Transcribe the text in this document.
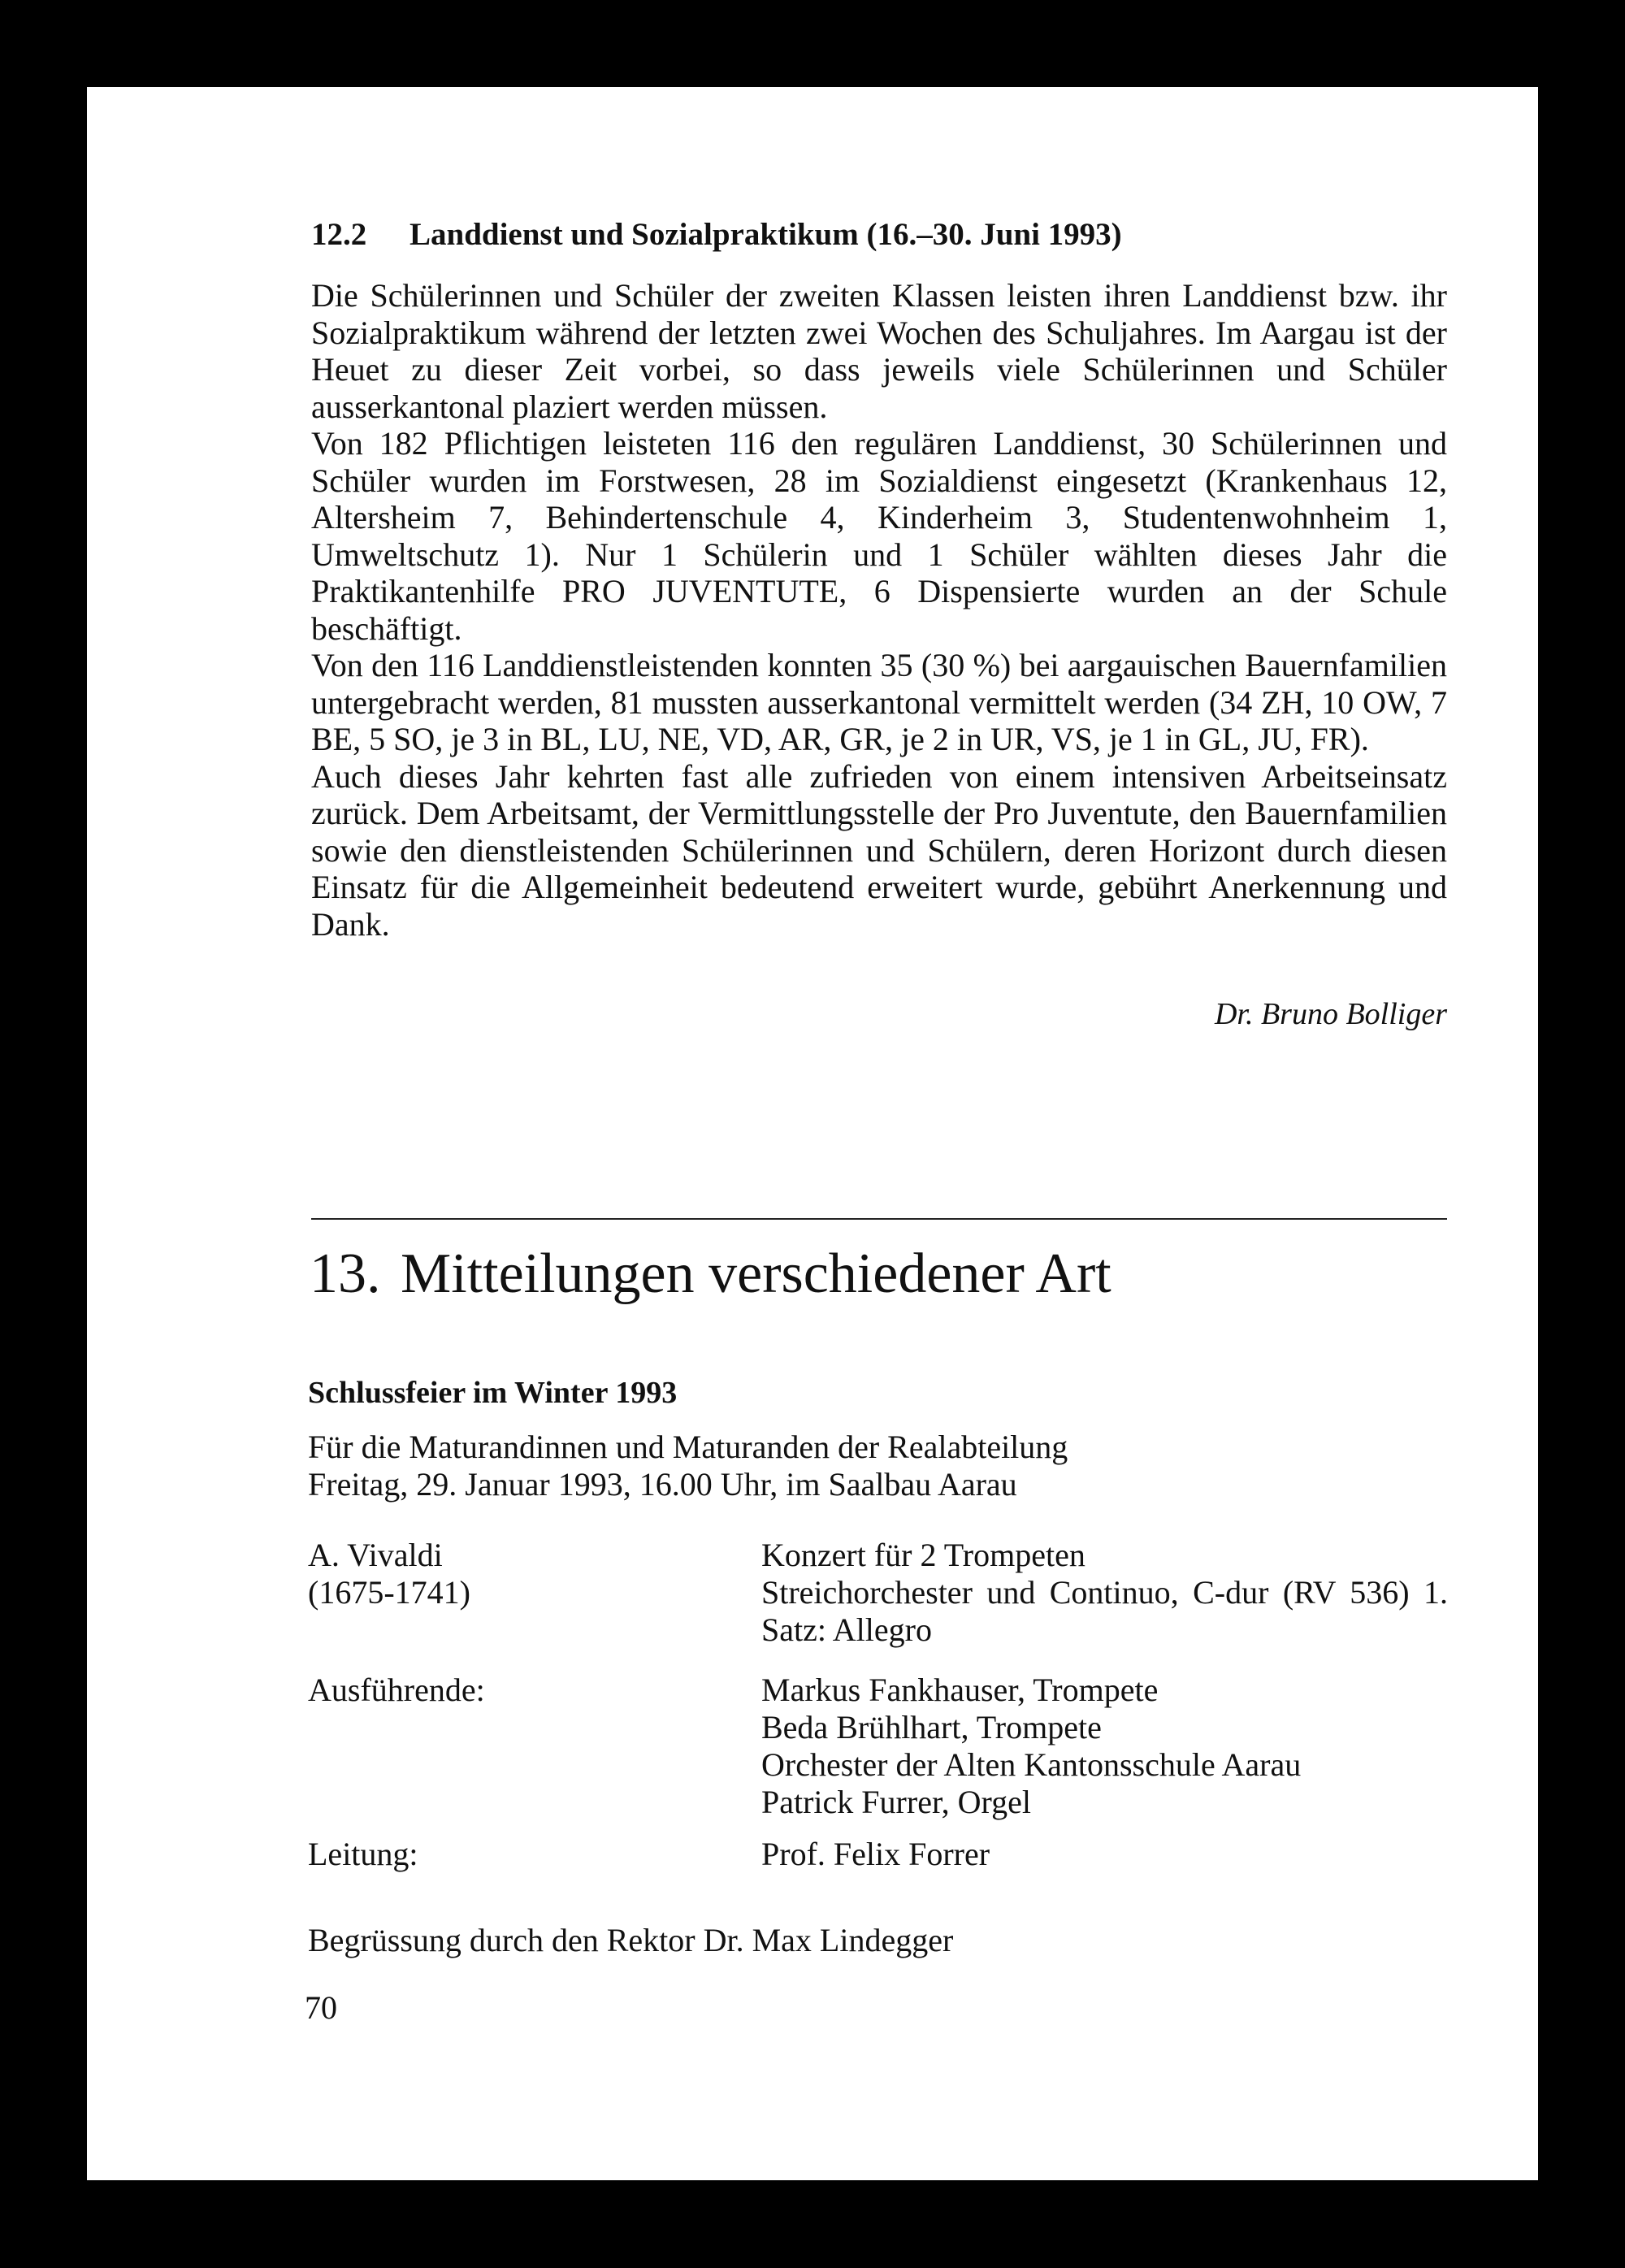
12.2 Landdienst und Sozialpraktikum (16.–30. Juni 1993)

Die Schülerinnen und Schüler der zweiten Klassen leisten ihren Landdienst bzw. ihr Sozialpraktikum während der letzten zwei Wochen des Schuljahres. Im Aargau ist der Heuet zu dieser Zeit vorbei, so dass jeweils viele Schülerinnen und Schüler ausserkantonal plaziert werden müssen.

Von 182 Pflichtigen leisteten 116 den regulären Landdienst, 30 Schülerinnen und Schüler wurden im Forstwesen, 28 im Sozialdienst eingesetzt (Krankenhaus 12, Altersheim 7, Behindertenschule 4, Kinderheim 3, Studentenwohnheim 1, Umweltschutz 1). Nur 1 Schülerin und 1 Schüler wählten dieses Jahr die Praktikantenhilfe PRO JUVENTUTE, 6 Dispensierte wurden an der Schule beschäftigt.

Von den 116 Landdienstleistenden konnten 35 (30 %) bei aargauischen Bauernfamilien untergebracht werden, 81 mussten ausserkantonal vermittelt werden (34 ZH, 10 OW, 7 BE, 5 SO, je 3 in BL, LU, NE, VD, AR, GR, je 2 in UR, VS, je 1 in GL, JU, FR).

Auch dieses Jahr kehrten fast alle zufrieden von einem intensiven Arbeitseinsatz zurück. Dem Arbeitsamt, der Vermittlungsstelle der Pro Juventute, den Bauernfamilien sowie den dienstleistenden Schülerinnen und Schülern, deren Horizont durch diesen Einsatz für die Allgemeinheit bedeutend erweitert wurde, gebührt Anerkennung und Dank.

Dr. Bruno Bolliger

13. Mitteilungen verschiedener Art
Schlussfeier im Winter 1993
Für die Maturandinnen und Maturanden der Realabteilung
Freitag, 29. Januar 1993, 16.00 Uhr, im Saalbau Aarau
A. Vivaldi
(1675-1741)
Konzert für 2 Trompeten
Streichorchester und Continuo, C-dur (RV 536) 1. Satz: Allegro
Ausführende:	Markus Fankhauser, Trompete
Beda Brühlhart, Trompete
Orchester der Alten Kantonsschule Aarau
Patrick Furrer, Orgel
Leitung:	Prof. Felix Forrer

Begrüssung durch den Rektor Dr. Max Lindegger

70
